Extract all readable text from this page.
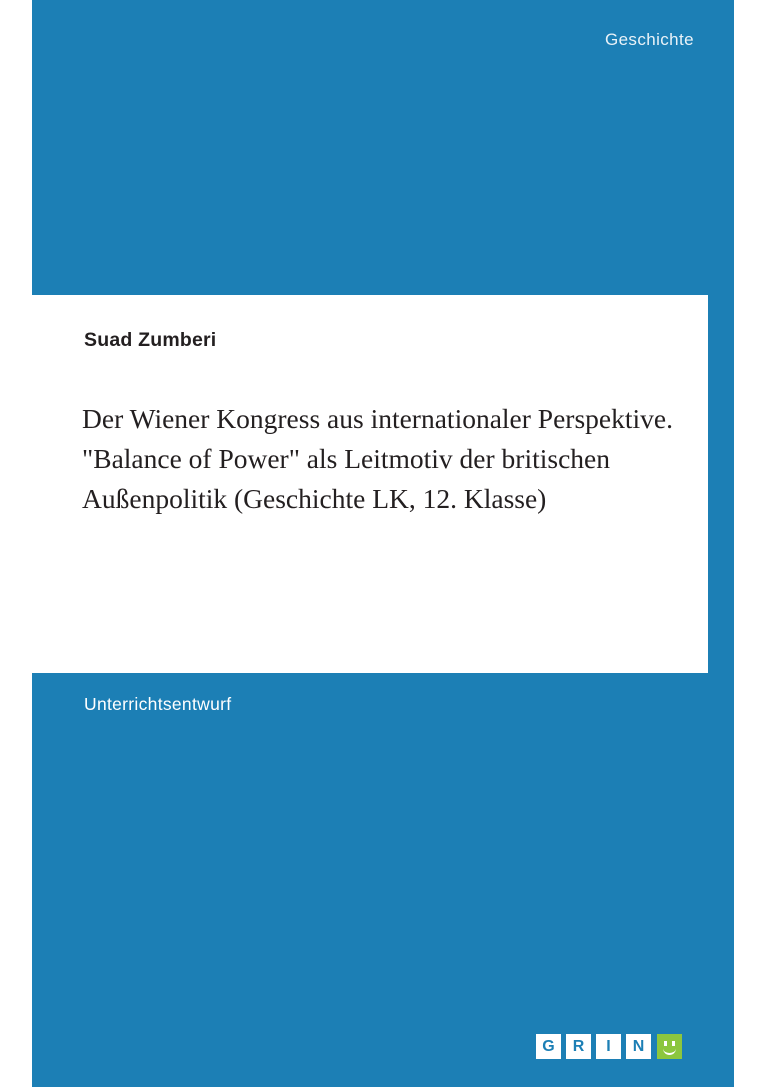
Geschichte
Suad Zumberi
Der Wiener Kongress aus internationaler Perspektive. "Balance of Power" als Leitmotiv der britischen Außenpolitik (Geschichte LK, 12. Klasse)
Unterrichtsentwurf
G	R	I	N
